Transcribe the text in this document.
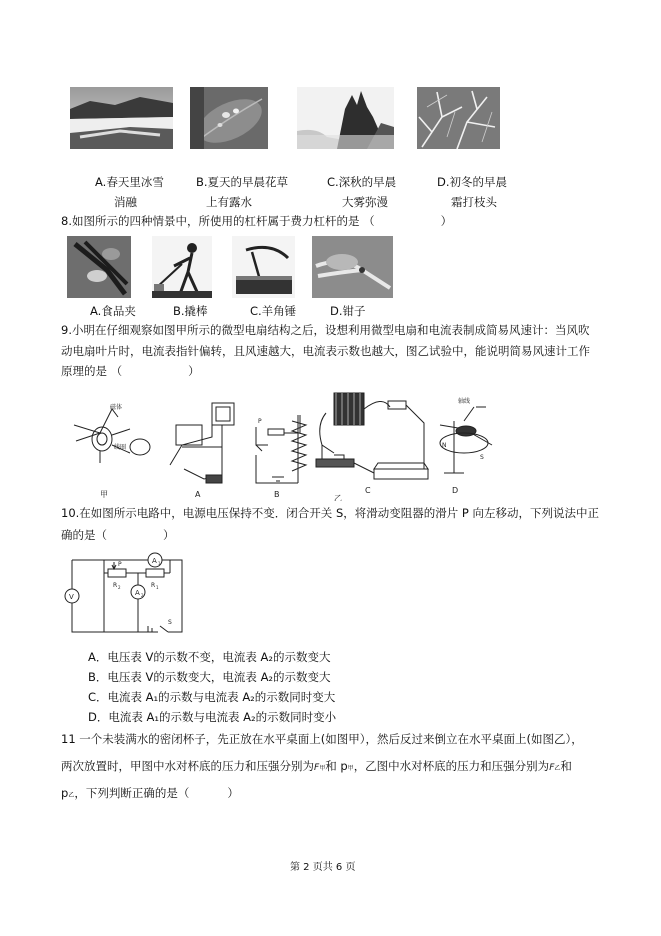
A.春天里冰雪
消融
B.夏天的早晨花草
上有露水
C.深秋的早晨
大雾弥漫
D.初冬的早晨
霜打枝头
8.如图所示的四种情景中，所使用的杠杆属于费力杠杆的是 （	）
A.食品夹	B.撬棒	C.羊角锤	D.钳子
9.小明在仔细观察如图甲所示的微型电扇结构之后，设想利用微型电扇和电流表制成简易风速计：当风吹
动电扇叶片时，电流表指针偏转，且风速越大，电流表示数也越大，图乙试验中，能说明简易风速计工作
原理的是 （	）
磁体
线圈
甲	A	B	C	D
乙
P
轴线
N
S
10.在如图所示电路中，电源电压保持不变．闭合开关 S，将滑动变阻器的滑片 P 向左移动，下列说法中正
确的是（	）
A 1
A 2
V
P
R 2	R 1
S
A．电压表 V的示数不变，电流表 A₂的示数变大
B．电压表 V的示数变大，电流表 A₂的示数变大
C．电流表 A₁的示数与电流表 A₂的示数同时变大
D．电流表 A₁的示数与电流表 A₂的示数同时变小
11 一个未装满水的密闭杯子，先正放在水平桌面上(如图甲），然后反过来倒立在水平桌面上(如图乙），
两次放置时，甲图中水对杯底的压力和压强分别为F甲和 p甲，乙图中水对杯底的压力和压强分别为F乙和
p乙，下列判断正确的是（	）
第 2 页共 6 页
